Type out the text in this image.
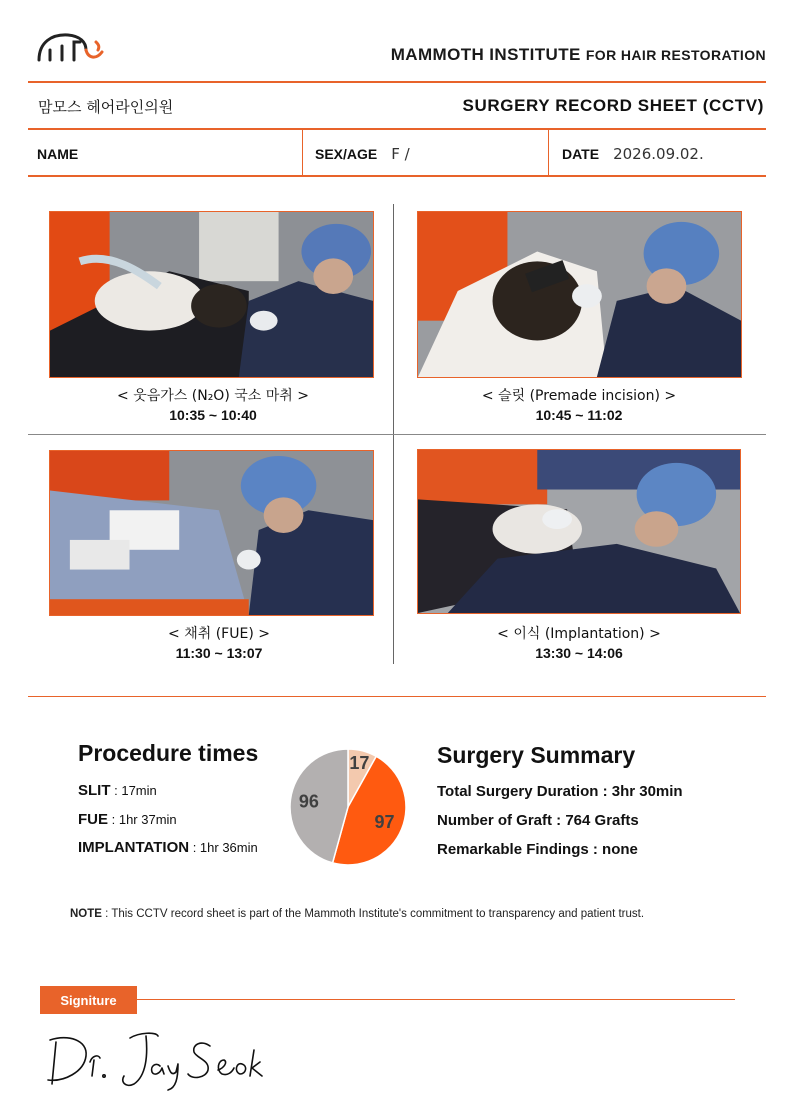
MAMMOTH INSTITUTE FOR HAIR RESTORATION
맘모스 헤어라인의원	SURGERY RECORD SHEET (CCTV)
NAME	SEX/AGE F /	DATE 2026.09.02.
< 웃음가스 (N₂O) 국소 마취 >
10:35 ~ 10:40
< 슬릿 (Premade incision) >
10:45 ~ 11:02
< 채취 (FUE) >
11:30 ~ 13:07
< 이식 (Implantation) >
13:30 ~ 14:06
Procedure times
SLIT : 17min
FUE : 1hr 37min
IMPLANTATION : 1hr 36min
17
97
96
Surgery Summary
Total Surgery Duration : 3hr 30min
Number of Graft : 764 Grafts
Remarkable Findings : none
NOTE : This CCTV record sheet is part of the Mammoth Institute's commitment to transparency and patient trust.
Signiture
